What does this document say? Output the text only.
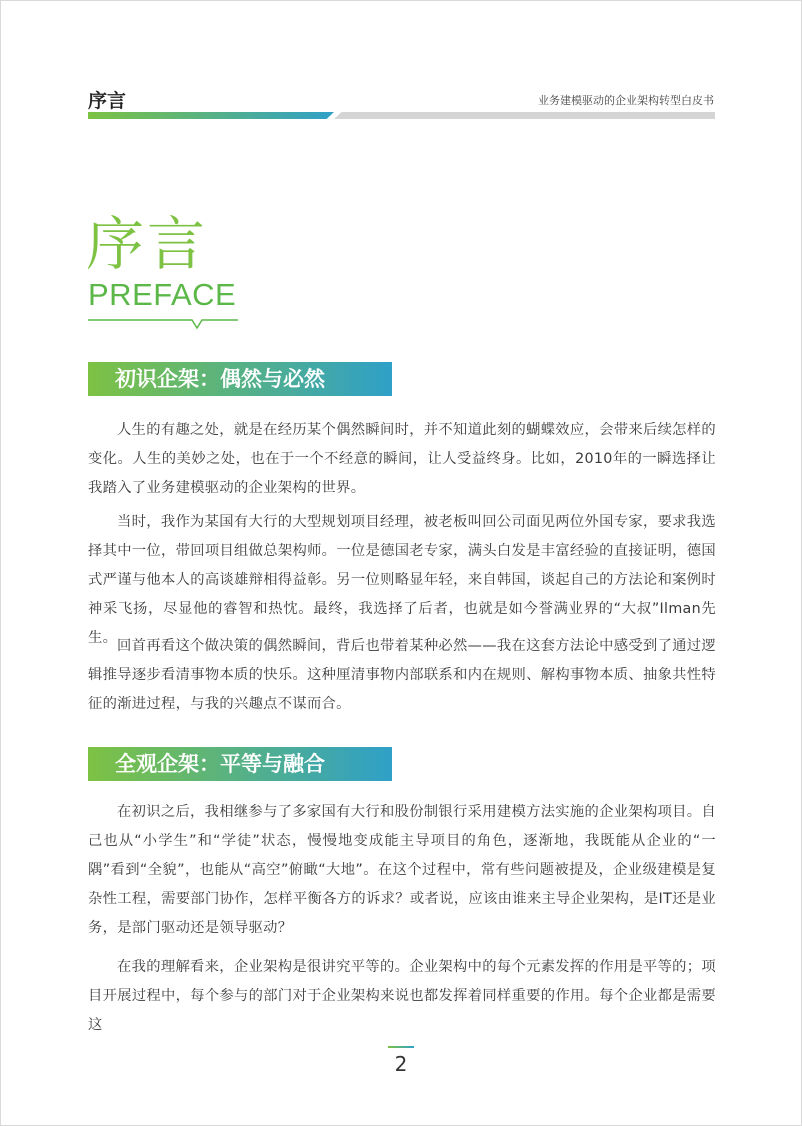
序言	业务建模驱动的企业架构转型白皮书
序言
PREFACE
初识企架：偶然与必然

人生的有趣之处，就是在经历某个偶然瞬间时，并不知道此刻的蝴蝶效应，会带来后续怎样的变化。人生的美妙之处，也在于一个不经意的瞬间，让人受益终身。比如，2010年的一瞬选择让我踏入了业务建模驱动的企业架构的世界。

当时，我作为某国有大行的大型规划项目经理，被老板叫回公司面见两位外国专家，要求我选择其中一位，带回项目组做总架构师。一位是德国老专家，满头白发是丰富经验的直接证明，德国式严谨与他本人的高谈雄辩相得益彰。另一位则略显年轻，来自韩国，谈起自己的方法论和案例时神采飞扬，尽显他的睿智和热忱。最终，我选择了后者，也就是如今誉满业界的“大叔”Ilman先生。 回首再看这个做决策的偶然瞬间，背后也带着某种必然——我在这套方法论中感受到了通过逻辑推导逐步看清事物本质的快乐。这种厘清事物内部联系和内在规则、解构事物本质、抽象共性特征的渐进过程，与我的兴趣点不谋而合。

全观企架：平等与融合

在初识之后，我相继参与了多家国有大行和股份制银行采用建模方法实施的企业架构项目。自己也从“小学生”和“学徒”状态，慢慢地变成能主导项目的角色，逐渐地，我既能从企业的“一隅”看到“全貌”，也能从“高空”俯瞰“大地”。在这个过程中，常有些问题被提及，企业级建模是复杂性工程，需要部门协作，怎样平衡各方的诉求？或者说，应该由谁来主导企业架构，是IT还是业务，是部门驱动还是领导驱动？

在我的理解看来，企业架构是很讲究平等的。企业架构中的每个元素发挥的作用是平等的；项目开展过程中，每个参与的部门对于企业架构来说也都发挥着同样重要的作用。每个企业都是需要这

2
